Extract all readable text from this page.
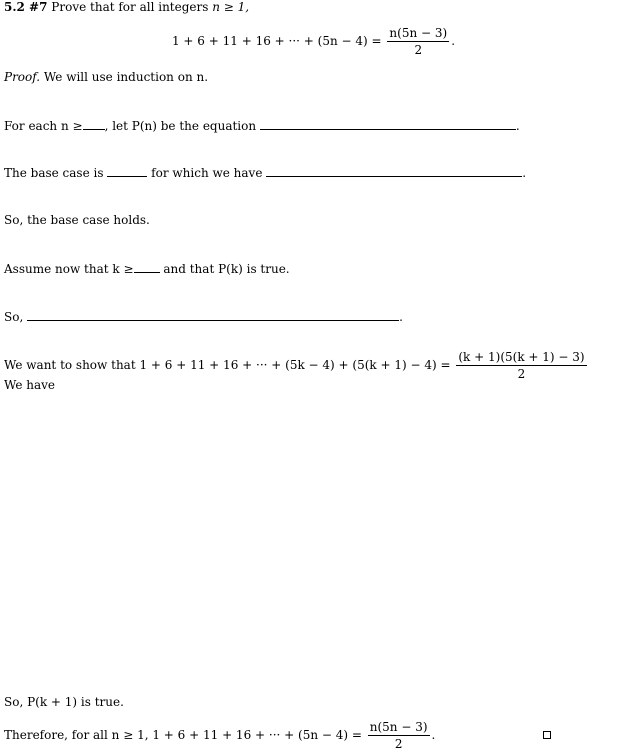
5.2 #7 Prove that for all integers n ≥ 1,
1 + 6 + 11 + 16 + ··· + $(5n - 4) = \frac{n(5n - 3)}{2}$ .
Proof. We will use induction on n.
For each n ≥ , let P(n) be the equation	.
The base case is	for which we have	.
So, the base case holds.
Assume now that k ≥ and that P(k) is true.
So,	.
We want to show that 1 + 6 + 11 + 16 + ··· + $(5k - 4) + (5(k + 1) - 4) = \frac{(k + 1)(5(k + 1) - 3)}{2}$
We have
So, P(k + 1) is true.
Therefore, for all n ≥ 1, 1 + 6 + 11 + 16 + ··· + $(5n - 4) = \frac{n(5n - 3)}{2}$ .
